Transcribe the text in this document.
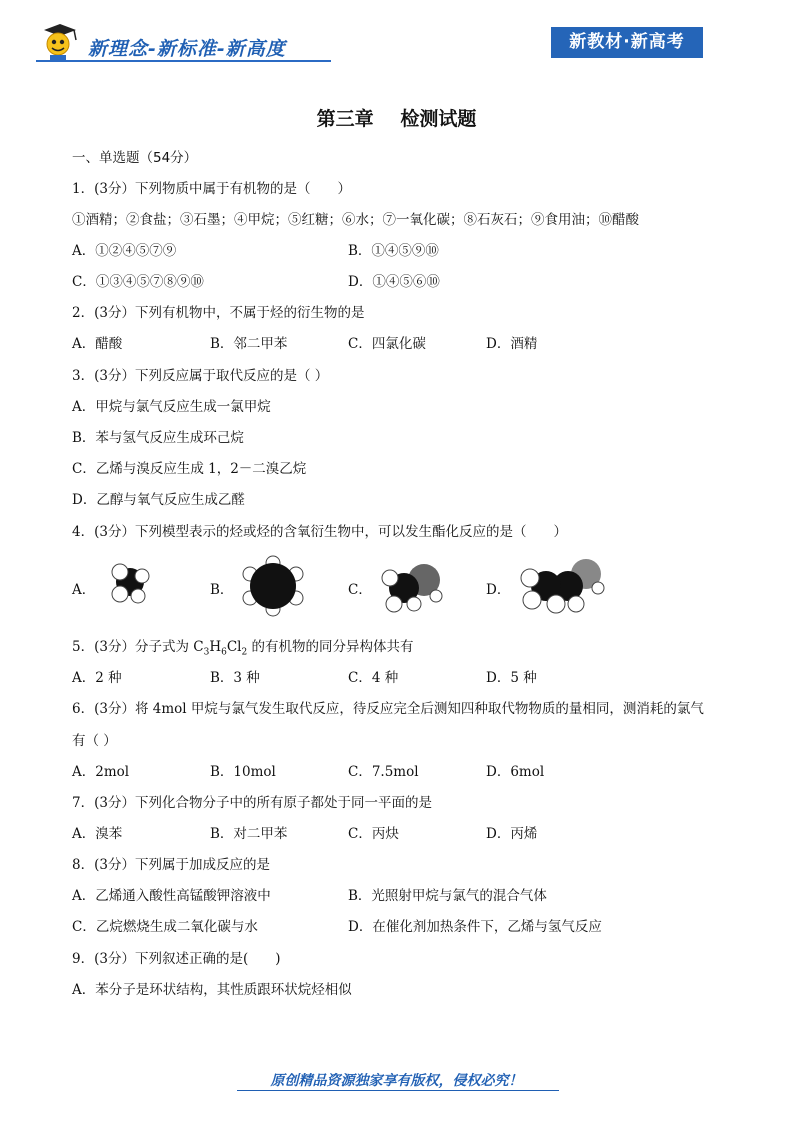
新理念-新标准-新高度	新教材·新高考
第三章 检测试题
一、单选题（54分）
1．(3分）下列物质中属于有机物的是（　　）
①酒精；②食盐；③石墨；④甲烷；⑤红糖；⑥水；⑦一氧化碳；⑧石灰石；⑨食用油；⑩醋酸
A．①②④⑤⑦⑨	B．①④⑤⑨⑩
C．①③④⑤⑦⑧⑨⑩	D．①④⑤⑥⑩
2．(3分）下列有机物中，不属于烃的衍生物的是
A．醋酸	B．邻二甲苯	C．四氯化碳	D．酒精
3．(3分）下列反应属于取代反应的是（ ）
A．甲烷与氯气反应生成一氯甲烷
B．苯与氢气反应生成环己烷
C．乙烯与溴反应生成 1，2－二溴乙烷
D．乙醇与氧气反应生成乙醛
4．(3分）下列模型表示的烃或烃的含氧衍生物中，可以发生酯化反应的是（　　）
A．	B．	C．	D．
5．(3分）分子式为 $C_3H_6Cl_2$ 的有机物的同分异构体共有
A．2 种	B．3 种	C．4 种	D．5 种
6．(3分）将 4mol 甲烷与氯气发生取代反应，待反应完全后测知四种取代物物质的量相同，测消耗的氯气
有（ ）
A．2mol	B．10mol	C．7.5mol	D．6mol
7．(3分）下列化合物分子中的所有原子都处于同一平面的是
A．溴苯	B．对二甲苯	C．丙炔	D．丙烯
8．(3分）下列属于加成反应的是
A．乙烯通入酸性高锰酸钾溶液中	B．光照射甲烷与氯气的混合气体
C．乙烷燃烧生成二氧化碳与水	D．在催化剂加热条件下，乙烯与氢气反应
9．(3分）下列叙述正确的是(　　)
A．苯分子是环状结构，其性质跟环状烷烃相似
原创精品资源独家享有版权，侵权必究！
